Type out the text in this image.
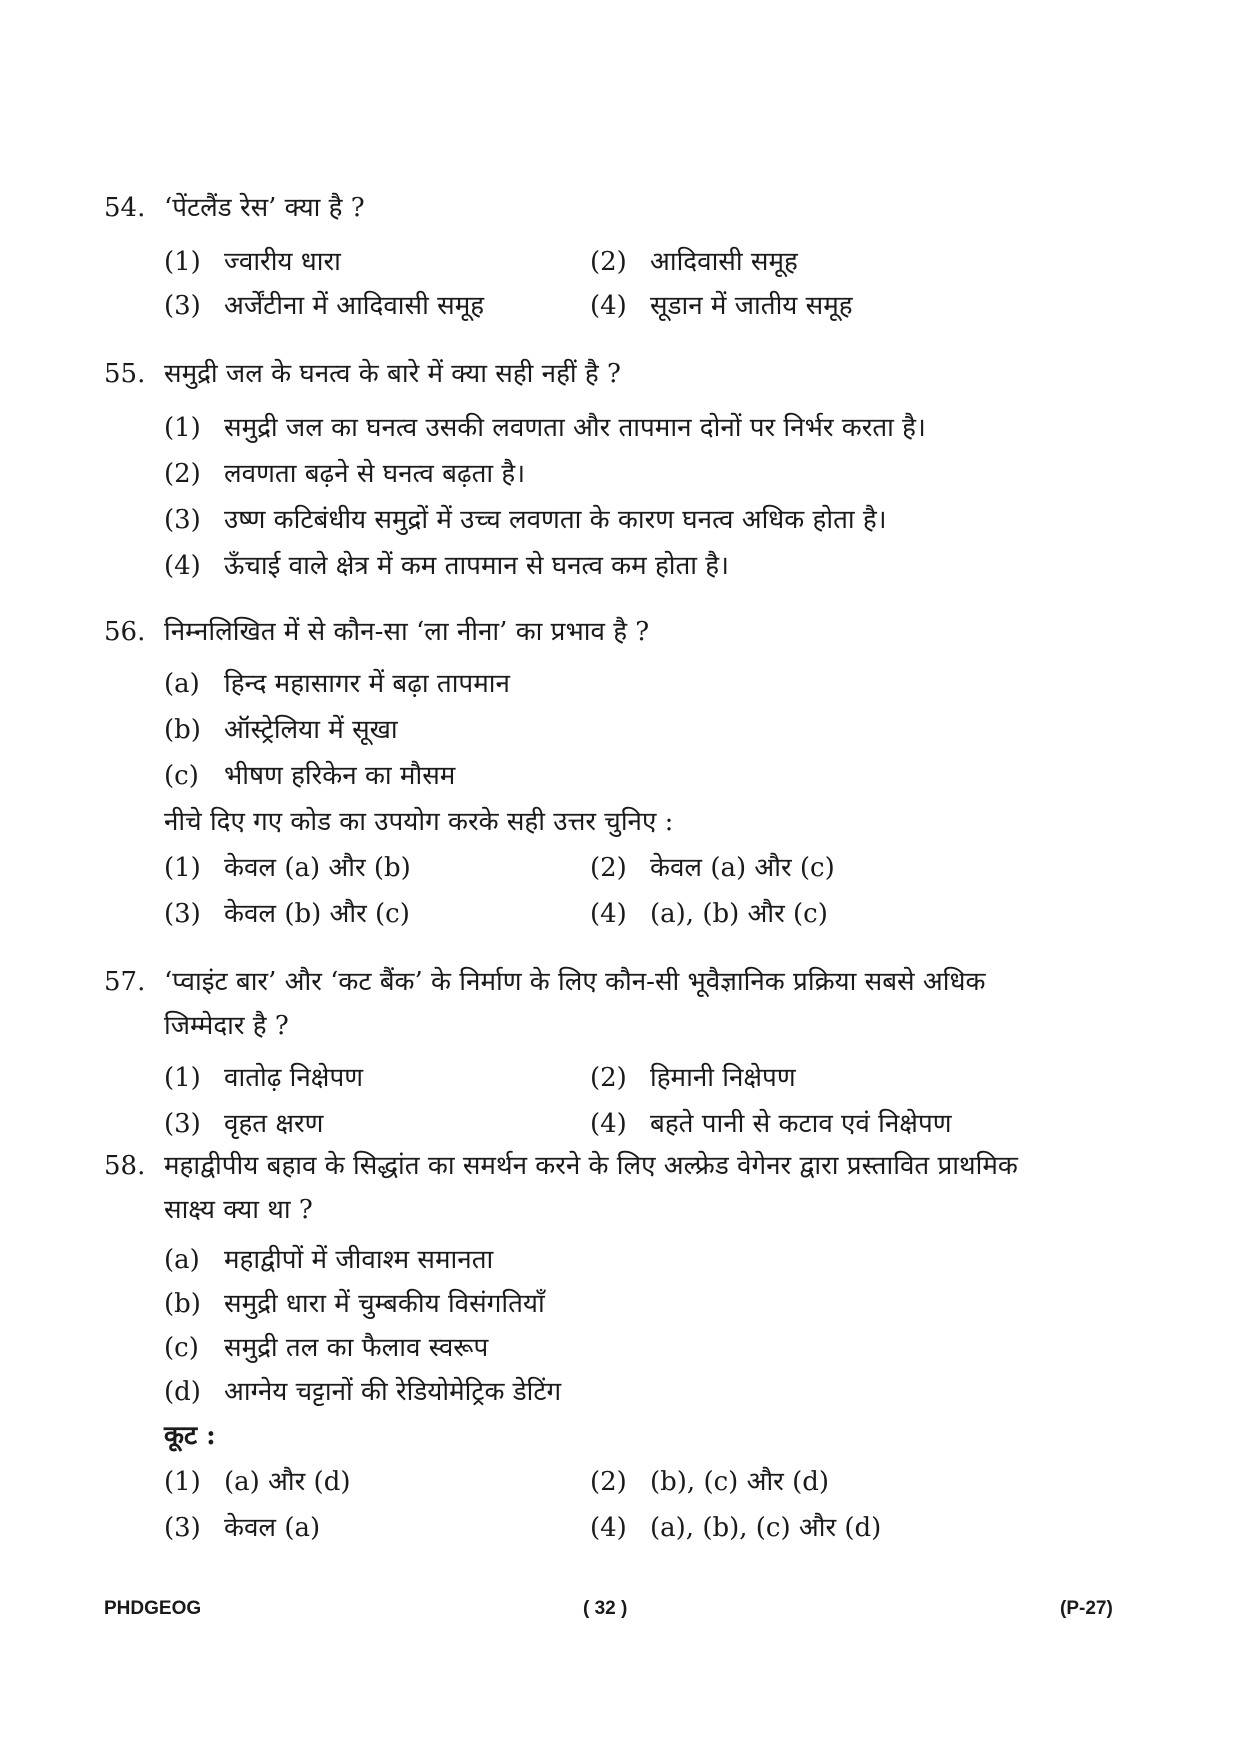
54. ‘पेंटलैंड रेस’ क्या है ?
(1) ज्वारीय धारा	(2) आदिवासी समूह
(3) अर्जेंटीना में आदिवासी समूह	(4) सूडान में जातीय समूह
55. समुद्री जल के घनत्व के बारे में क्या सही नहीं है ?
(1) समुद्री जल का घनत्व उसकी लवणता और तापमान दोनों पर निर्भर करता है।
(2) लवणता बढ़ने से घनत्व बढ़ता है।
(3) उष्ण कटिबंधीय समुद्रों में उच्च लवणता के कारण घनत्व अधिक होता है।
(4) ऊँचाई वाले क्षेत्र में कम तापमान से घनत्व कम होता है।
56. निम्नलिखित में से कौन-सा ‘ला नीना’ का प्रभाव है ?
(a) हिन्द महासागर में बढ़ा तापमान
(b) ऑस्ट्रेलिया में सूखा
(c) भीषण हरिकेन का मौसम
नीचे दिए गए कोड का उपयोग करके सही उत्तर चुनिए :
(1) केवल (a) और (b)	(2) केवल (a) और (c)
(3) केवल (b) और (c)	(4) (a), (b) और (c)
57. ‘प्वाइंट बार’ और ‘कट बैंक’ के निर्माण के लिए कौन-सी भूवैज्ञानिक प्रक्रिया सबसे अधिक
जिम्मेदार है ?
(1) वातोढ़ निक्षेपण	(2) हिमानी निक्षेपण
(3) वृहत क्षरण	(4) बहते पानी से कटाव एवं निक्षेपण
58. महाद्वीपीय बहाव के सिद्धांत का समर्थन करने के लिए अल्फ्रेड वेगेनर द्वारा प्रस्तावित प्राथमिक
साक्ष्य क्या था ?
(a) महाद्वीपों में जीवाश्म समानता
(b) समुद्री धारा में चुम्बकीय विसंगतियाँ
(c) समुद्री तल का फैलाव स्वरूप
(d) आग्नेय चट्टानों की रेडियोमेट्रिक डेटिंग
कूट :
(1) (a) और (d)	(2) (b), (c) और (d)
(3) केवल (a)	(4) (a), (b), (c) और (d)
PHDGEOG	( 32 )	(P-27)
